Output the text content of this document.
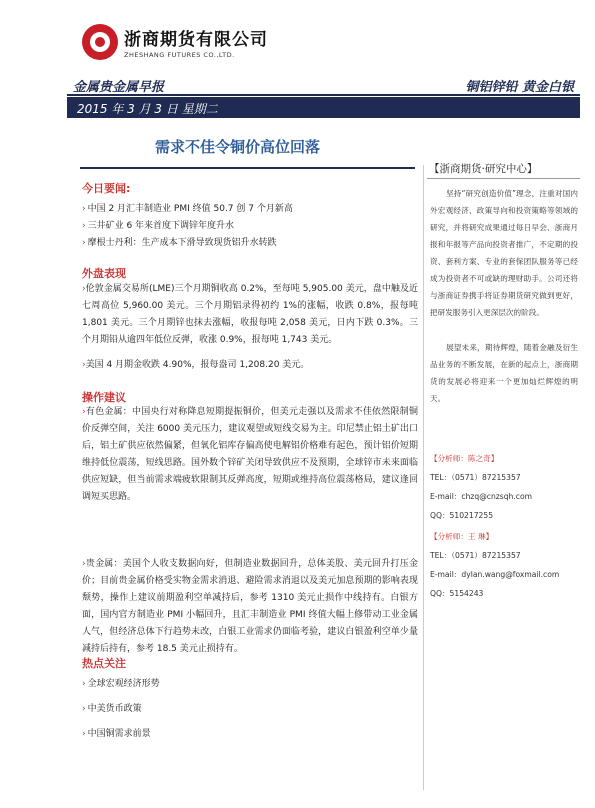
浙商期货有限公司
ZHESHANG FUTURES CO.,LTD.
金属贵金属早报	铜铝锌铅 黄金白银
2015 年 3 月 3 日 星期二
需求不佳令铜价高位回落
今日要闻:
› 中国 2 月汇丰制造业 PMI 终值 50.7 创 7 个月新高
› 三井矿业 6 年来首度下调锌年度升水
› 摩根士丹利：生产成本下滑导致现货铝升水转跌
外盘表现
›伦敦金属交易所(LME)三个月期铜收高 0.2%，至每吨 5,905.00 美元，盘中触及近七周高位 5,960.00 美元。三个月期铝录得初约 1%的涨幅，收跌 0.8%，报每吨 1,801 美元。三个月期锌也抹去涨幅，收报每吨 2,058 美元，日内下跌 0.3%。三个月期铅从逾四年低位反弹，收涨 0.9%，报每吨 1,743 美元。
›美国 4 月期金收跌 4.90%，报每盎司 1,208.20 美元。
操作建议
›有色金属：中国央行对称降息短期提振铜价，但美元走强以及需求不佳依然限制铜价反弹空间，关注 6000 美元压力，建议观望或短线交易为主。印尼禁止铝土矿出口后，铝土矿供应依然偏紧，但氧化铝库存偏高使电解铝价格难有起色，预计铝价短期维持低位震荡，短线思路。国外数个锌矿关闭导致供应不及预期，全球锌市未来面临供应短缺，但当前需求端疲软限制其反弹高度，短期或维持高位震荡格局，建议逢回调短买思路。
›贵金属：美国个人收支数据向好，但制造业数据回升，总体美股、美元回升打压金价；目前贵金属价格受实物金需求消退、避险需求消退以及美元加息预期的影响表现颓势，操作上建议前期盈利空单减持后，参考 1310 美元止损作中线持有。白银方面，国内官方制造业 PMI 小幅回升，且汇丰制造业 PMI 终值大幅上修带动工业金属人气，但经济总体下行趋势未改，白银工业需求仍面临考验，建议白银盈利空单少量减持后持有，参考 18.5 美元止损持有。
热点关注
› 全球宏观经济形势
› 中美货币政策
› 中国铜需求前景
【浙商期货·研究中心】
坚持“研究创造价值”理念，注重对国内外宏观经济、政策导向和投资策略等领域的研究，并将研究成果通过每日早会、浙商月报和年报等产品向投资者推广，不定期的投资、套利方案、专业的套保团队服务等已经成为投资者不可或缺的理财助手。公司还将与浙商证券携手将证券期货研究做到更好，把研发服务引入更深层次的阶段。
展望未来，期待辉煌，随着金融及衍生品业务的不断发展，在新的起点上，浙商期货的发展必将迎来一个更加灿烂辉煌的明天。
【分析师：陈之奇】
TEL：（0571）87215357
E-mail：chzq@cnzsqh.com
QQ：510217255
【分析师：王 琳】
TEL：（0571）87215357
E-mail：dylan.wang@foxmail.com
QQ：5154243
